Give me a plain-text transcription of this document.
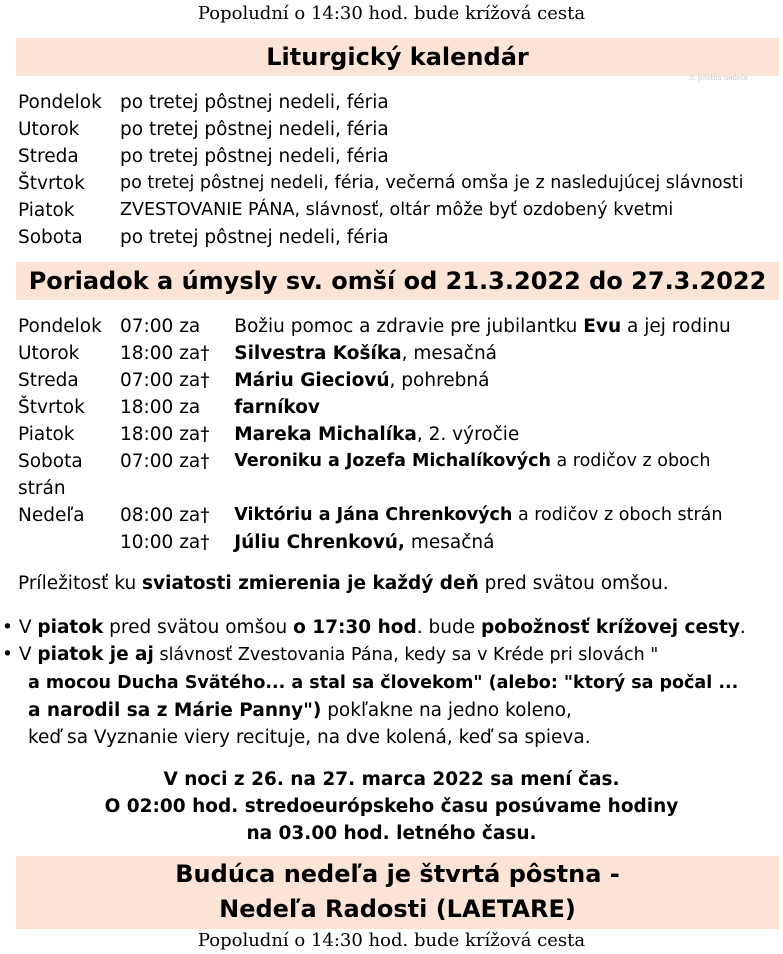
Popoludní o 14:30 hod. bude krížová cesta
Liturgický kalendár
3. pôstna nedeľa
Pondelok	po tretej pôstnej nedeli, féria
Utorok	po tretej pôstnej nedeli, féria
Streda	po tretej pôstnej nedeli, féria
Štvrtok	po tretej pôstnej nedeli, féria, večerná omša je z nasledujúcej slávnosti
Piatok	ZVESTOVANIE PÁNA, slávnosť, oltár môže byť ozdobený kvetmi
Sobota	po tretej pôstnej nedeli, féria
Poriadok a úmysly sv. omší od 21.3.2022 do 27.3.2022
Pondelok	07:00 za		Božiu pomoc a zdravie pre jubilantku Evu a jej rodinu
Utorok	18:00 za	†	Silvestra Košíka, mesačná
Streda	07:00 za	†	Máriu Gieciovú, pohrebná
Štvrtok	18:00 za		farníkov
Piatok	18:00 za	†	Mareka Michalíka, 2. výročie
Sobota	07:00 za	†	Veroniku a Jozefa Michalíkových a rodičov z oboch
strán			
Nedeľa	08:00 za	†	Viktóriu a Jána Chrenkových a rodičov z oboch strán
	10:00 za	†	Júliu Chrenkovú, mesačná
Príležitosť ku sviatosti zmierenia je každý deň pred svätou omšou.
• V piatok pred svätou omšou o 17:30 hod. bude pobožnosť krížovej cesty.
• V piatok je aj slávnosť Zvestovania Pána, kedy sa v Kréde pri slovách "
a mocou Ducha Svätého... a stal sa človekom" (alebo: "ktorý sa počal ...
a narodil sa z Márie Panny") pokľakne na jedno koleno,
keď sa Vyznanie viery recituje, na dve kolená, keď sa spieva.
V noci z 26. na 27. marca 2022 sa mení čas.
O 02:00 hod. stredoeurópskeho času posúvame hodiny
na 03.00 hod. letného času.
Budúca nedeľa je štvrtá pôstna -
Nedeľa Radosti (LAETARE)
Popoludní o 14:30 hod. bude krížová cesta
